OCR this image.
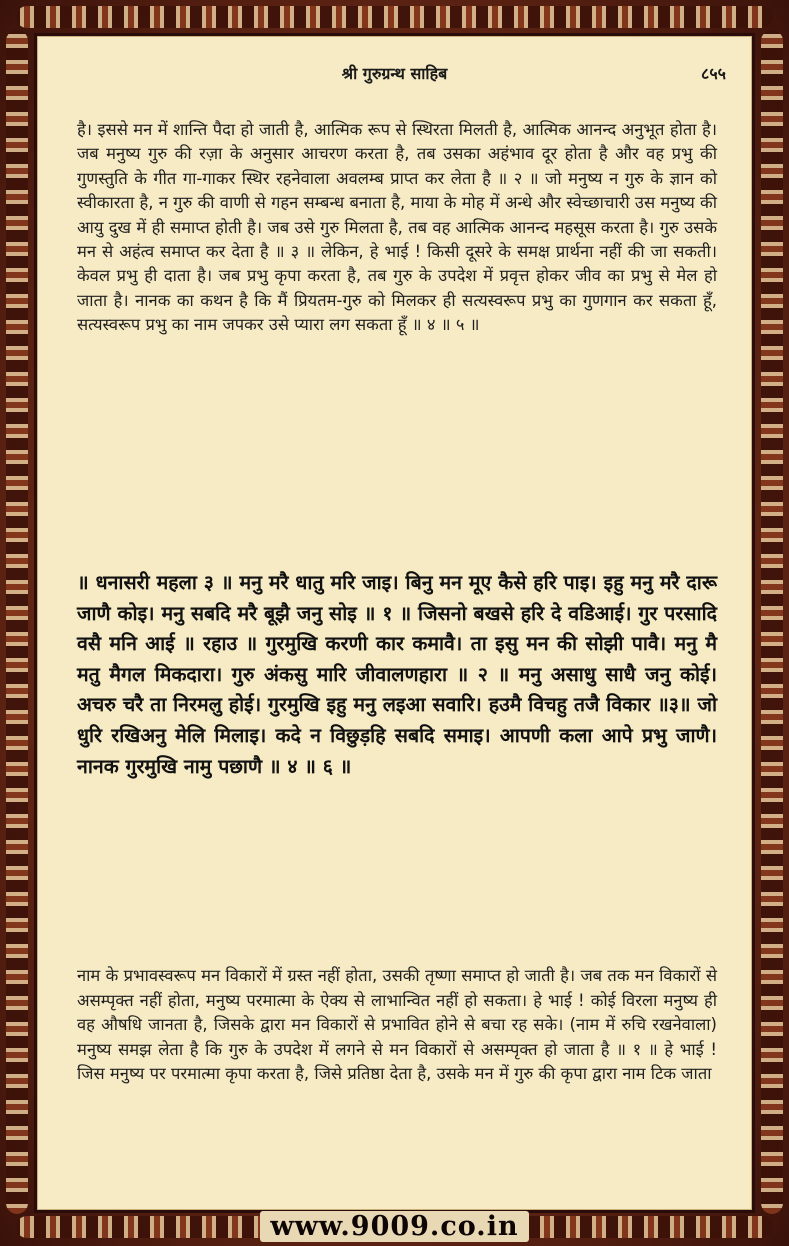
श्री गुरुग्रन्थ साहिब	८५५

है। इससे मन में शान्ति पैदा हो जाती है, आत्मिक रूप से स्थिरता मिलती है, आत्मिक आनन्द अनुभूत होता है। जब मनुष्य गुरु की रज़ा के अनुसार आचरण करता है, तब उसका अहंभाव दूर होता है और वह प्रभु की गुणस्तुति के गीत गा-गाकर स्थिर रहनेवाला अवलम्ब प्राप्त कर लेता है ॥ २ ॥ जो मनुष्य न गुरु के ज्ञान को स्वीकारता है, न गुरु की वाणी से गहन सम्बन्ध बनाता है, माया के मोह में अन्धे और स्वेच्छाचारी उस मनुष्य की आयु दुख में ही समाप्त होती है। जब उसे गुरु मिलता है, तब वह आत्मिक आनन्द महसूस करता है। गुरु उसके मन से अहंत्व समाप्त कर देता है ॥ ३ ॥ लेकिन, हे भाई ! किसी दूसरे के समक्ष प्रार्थना नहीं की जा सकती। केवल प्रभु ही दाता है। जब प्रभु कृपा करता है, तब गुरु के उपदेश में प्रवृत्त होकर जीव का प्रभु से मेल हो जाता है। नानक का कथन है कि मैं प्रियतम-गुरु को मिलकर ही सत्यस्वरूप प्रभु का गुणगान कर सकता हूँ, सत्यस्वरूप प्रभु का नाम जपकर उसे प्यारा लग सकता हूँ ॥ ४ ॥ ५ ॥

॥ धनासरी महला ३ ॥ मनु मरै धातु मरि जाइ। बिनु मन मूए कैसे हरि पाइ। इहु मनु मरै दारू जाणै कोइ। मनु सबदि मरै बूझै जनु सोइ ॥ १ ॥ जिसनो बखसे हरि दे वडिआई। गुर परसादि वसै मनि आई ॥ रहाउ ॥ गुरमुखि करणी कार कमावै। ता इसु मन की सोझी पावै। मनु मै मतु मैगल मिकदारा। गुरु अंकसु मारि जीवालणहारा ॥ २ ॥ मनु असाधु साधै जनु कोई। अचरु चरै ता निरमलु होई। गुरमुखि इहु मनु लइआ सवारि। हउमै विचहु तजै विकार ॥३॥ जो धुरि रखिअनु मेलि मिलाइ। कदे न विछुड़हि सबदि समाइ। आपणी कला आपे प्रभु जाणै। नानक गुरमुखि नामु पछाणै ॥ ४ ॥ ६ ॥

नाम के प्रभावस्वरूप मन विकारों में ग्रस्त नहीं होता, उसकी तृष्णा समाप्त हो जाती है। जब तक मन विकारों से असम्पृक्त नहीं होता, मनुष्य परमात्मा के ऐक्य से लाभान्वित नहीं हो सकता। हे भाई ! कोई विरला मनुष्य ही वह औषधि जानता है, जिसके द्वारा मन विकारों से प्रभावित होने से बचा रह सके। (नाम में रुचि रखनेवाला) मनुष्य समझ लेता है कि गुरु के उपदेश में लगने से मन विकारों से असम्पृक्त हो जाता है ॥ १ ॥ हे भाई ! जिस मनुष्य पर परमात्मा कृपा करता है, जिसे प्रतिष्ठा देता है, उसके मन में गुरु की कृपा द्वारा नाम टिक जाता

www.9009.co.in
